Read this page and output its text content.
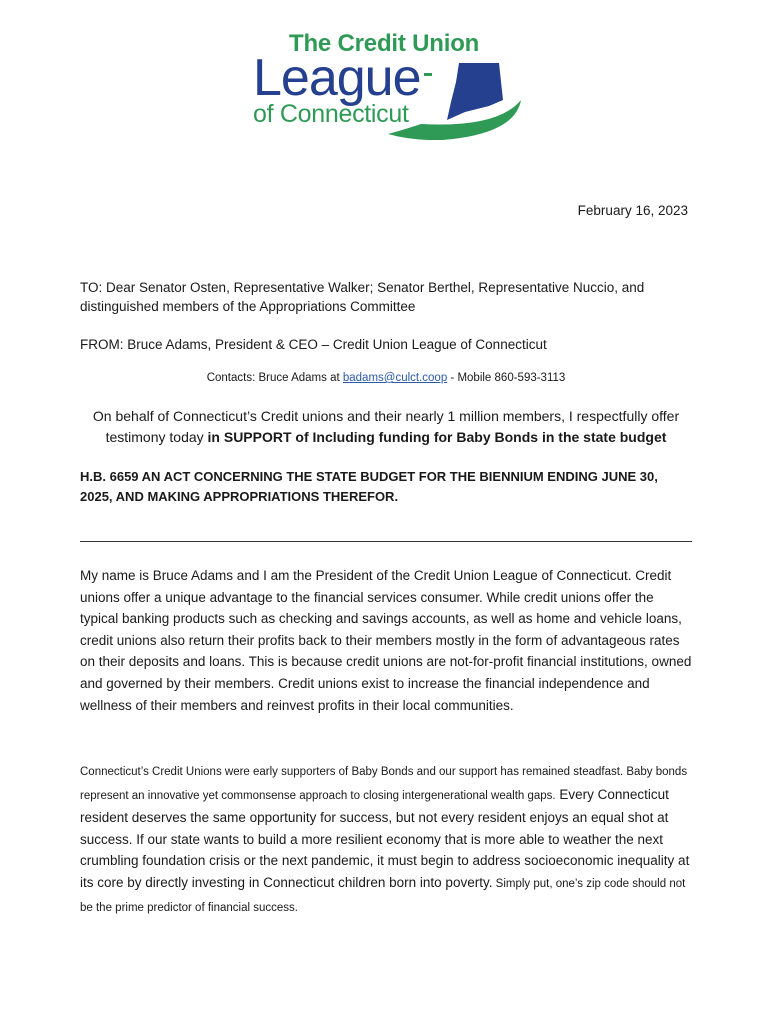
The Credit Union
League
of Connecticut
February 16, 2023
TO: Dear Senator Osten, Representative Walker; Senator Berthel, Representative Nuccio, and distinguished members of the Appropriations Committee
FROM: Bruce Adams, President & CEO – Credit Union League of Connecticut
Contacts: Bruce Adams at badams@culct.coop - Mobile 860-593-3113
On behalf of Connecticut’s Credit unions and their nearly 1 million members, I respectfully offer testimony today in SUPPORT of Including funding for Baby Bonds in the state budget
H.B. 6659 AN ACT CONCERNING THE STATE BUDGET FOR THE BIENNIUM ENDING JUNE 30, 2025, AND MAKING APPROPRIATIONS THEREFOR.
My name is Bruce Adams and I am the President of the Credit Union League of Connecticut. Credit unions offer a unique advantage to the financial services consumer. While credit unions offer the typical banking products such as checking and savings accounts, as well as home and vehicle loans, credit unions also return their profits back to their members mostly in the form of advantageous rates on their deposits and loans. This is because credit unions are not-for-profit financial institutions, owned and governed by their members. Credit unions exist to increase the financial independence and wellness of their members and reinvest profits in their local communities.
Connecticut’s Credit Unions were early supporters of Baby Bonds and our support has remained steadfast. Baby bonds represent an innovative yet commonsense approach to closing intergenerational wealth gaps. Every Connecticut resident deserves the same opportunity for success, but not every resident enjoys an equal shot at success. If our state wants to build a more resilient economy that is more able to weather the next crumbling foundation crisis or the next pandemic, it must begin to address socioeconomic inequality at its core by directly investing in Connecticut children born into poverty. Simply put, one’s zip code should not be the prime predictor of financial success.
